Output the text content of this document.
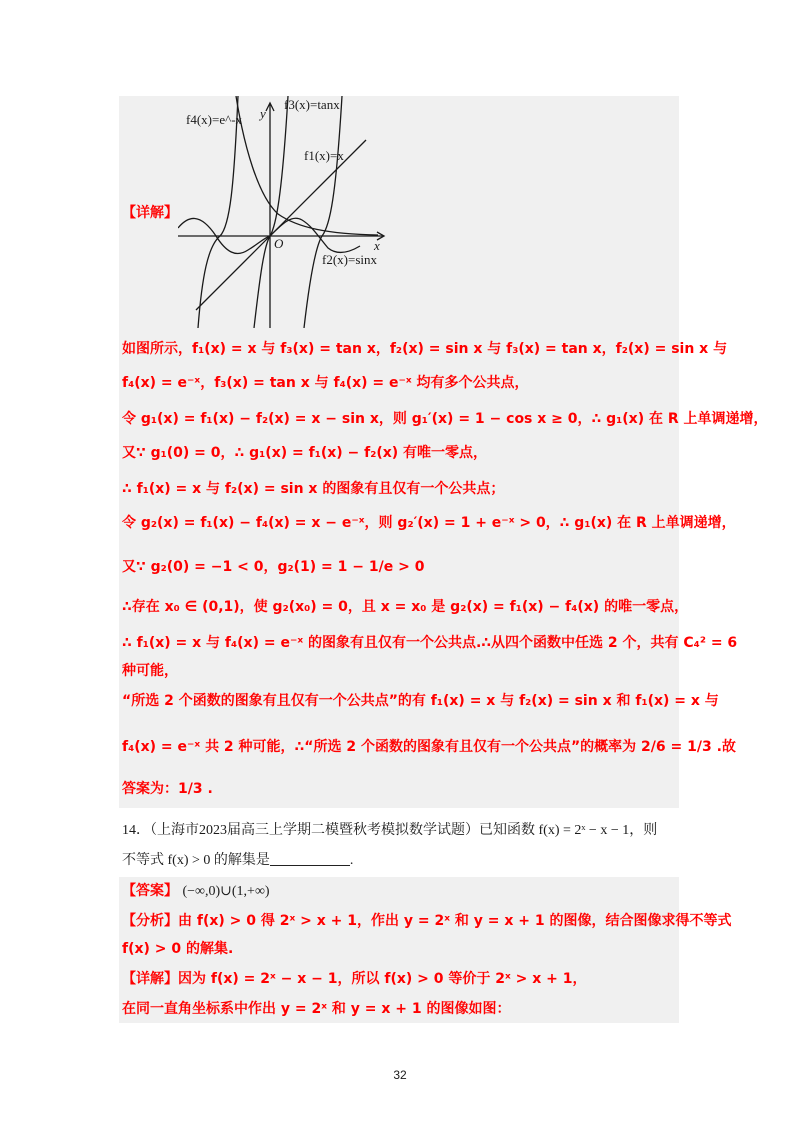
f4(x)=e^-x
f3(x)=tanx
f1(x)=x
f2(x)=sinx
y
x
O
【详解】
如图所示，f₁(x) = x 与 f₃(x) = tan x，f₂(x) = sin x 与 f₃(x) = tan x，f₂(x) = sin x 与
f₄(x) = e⁻ˣ，f₃(x) = tan x 与 f₄(x) = e⁻ˣ 均有多个公共点，
令 g₁(x) = f₁(x) − f₂(x) = x − sin x，则 g₁′(x) = 1 − cos x ≥ 0，∴ g₁(x) 在 R 上单调递增，
又∵ g₁(0) = 0，∴ g₁(x) = f₁(x) − f₂(x) 有唯一零点，
∴ f₁(x) = x 与 f₂(x) = sin x 的图象有且仅有一个公共点；
令 g₂(x) = f₁(x) − f₄(x) = x − e⁻ˣ，则 g₂′(x) = 1 + e⁻ˣ > 0，∴ g₁(x) 在 R 上单调递增，
又∵ g₂(0) = −1 < 0，g₂(1) = 1 − 1/e > 0
∴存在 x₀ ∈ (0,1)，使 g₂(x₀) = 0，且 x = x₀ 是 g₂(x) = f₁(x) − f₄(x) 的唯一零点，
∴ f₁(x) = x 与 f₄(x) = e⁻ˣ 的图象有且仅有一个公共点.∴从四个函数中任选 2 个，共有 C₄² = 6
种可能，
“所选 2 个函数的图象有且仅有一个公共点”的有 f₁(x) = x 与 f₂(x) = sin x 和 f₁(x) = x 与
f₄(x) = e⁻ˣ 共 2 种可能，∴“所选 2 个函数的图象有且仅有一个公共点”的概率为 2/6 = 1/3 .故
答案为：1/3 .
14．（上海市2023届高三上学期二模暨秋考模拟数学试题）已知函数 f(x) = 2ˣ − x − 1，则
不等式 f(x) > 0 的解集是	.
【答案】 (−∞,0)∪(1,+∞)
【分析】由 f(x) > 0 得 2ˣ > x + 1，作出 y = 2ˣ 和 y = x + 1 的图像，结合图像求得不等式
f(x) > 0 的解集.
【详解】因为 f(x) = 2ˣ − x − 1，所以 f(x) > 0 等价于 2ˣ > x + 1，
在同一直角坐标系中作出 y = 2ˣ 和 y = x + 1 的图像如图：
32
